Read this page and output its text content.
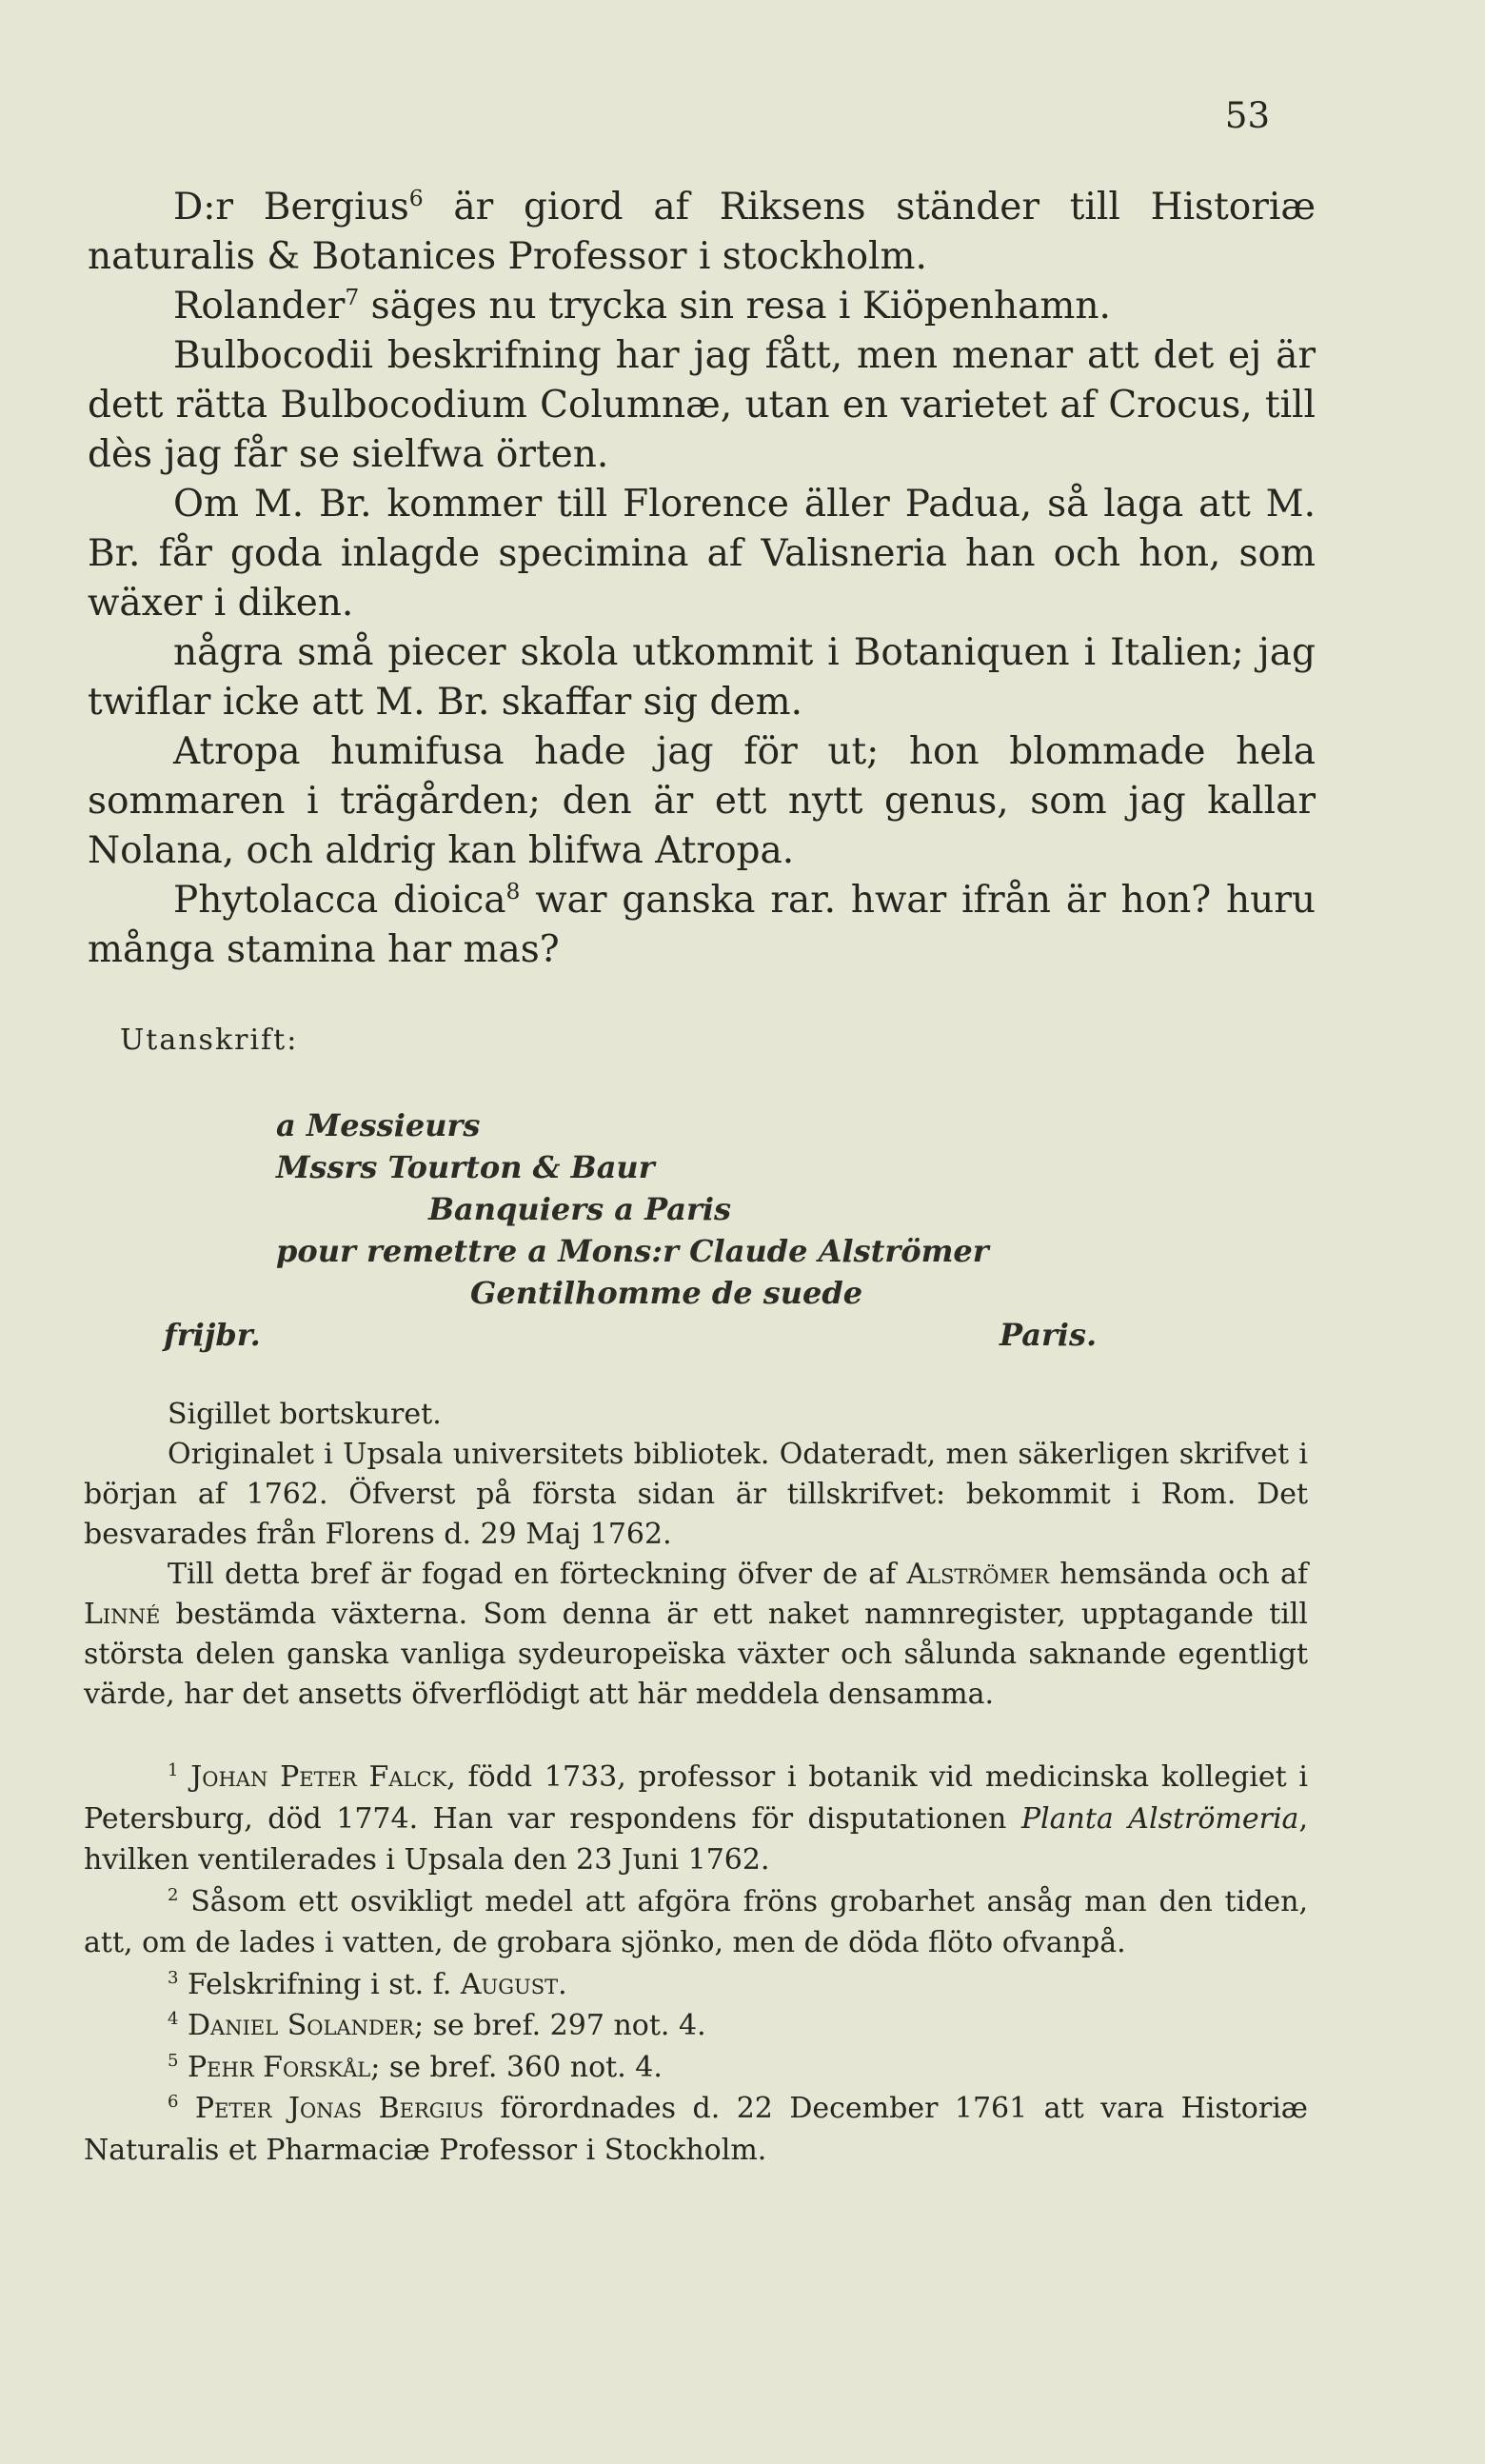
53

D:r Bergius$^6$ är giord af Riksens ständer till Historiæ naturalis & Botanices Professor i stockholm.

Rolander$^7$ säges nu trycka sin resa i Kiöpenhamn.

Bulbocodii beskrifning har jag fått, men menar att det ej är dett rätta Bulbocodium Columnæ, utan en varietet af Crocus, till dès jag får se sielfwa örten.

Om M. Br. kommer till Florence äller Padua, så laga att M. Br. får goda inlagde specimina af Valisneria han och hon, som wäxer i diken.

några små piecer skola utkommit i Botaniquen i Italien; jag twiflar icke att M. Br. skaffar sig dem.

Atropa humifusa hade jag för ut; hon blommade hela sommaren i trägården; den är ett nytt genus, som jag kallar Nolana, och aldrig kan blifwa Atropa.

Phytolacca dioica$^8$ war ganska rar. hwar ifrån är hon? huru många stamina har mas?

Utanskrift:

a Messieurs
Mssrs Tourton & Baur
Banquiers a Paris
pour remettre a Mons:r Claude Alströmer
Gentilhomme de suede
frijbr.	Paris.

Sigillet bortskuret.

Originalet i Upsala universitets bibliotek. Odateradt, men säkerligen skrifvet i början af 1762. Öfverst på första sidan är tillskrifvet: bekommit i Rom. Det besvarades från Florens d. 29 Maj 1762.

Till detta bref är fogad en förteckning öfver de af Alströmer hemsända och af Linné bestämda växterna. Som denna är ett naket namnregister, upptagande till största delen ganska vanliga sydeuropeïska växter och sålunda saknande egentligt värde, har det ansetts öfverflödigt att här meddela densamma.

$^1$ Johan Peter Falck, född 1733, professor i botanik vid medicinska kollegiet i Petersburg, död 1774. Han var respondens för disputationen Planta Alströmeria, hvilken ventilerades i Upsala den 23 Juni 1762.

$^2$ Såsom ett osvikligt medel att afgöra fröns grobarhet ansåg man den tiden, att, om de lades i vatten, de grobara sjönko, men de döda flöto ofvanpå.

$^3$ Felskrifning i st. f. August.

$^4$ Daniel Solander; se bref. 297 not. 4.

$^5$ Pehr Forskål; se bref. 360 not. 4.

$^6$ Peter Jonas Bergius förordnades d. 22 December 1761 att vara Historiæ Naturalis et Pharmaciæ Professor i Stockholm.
